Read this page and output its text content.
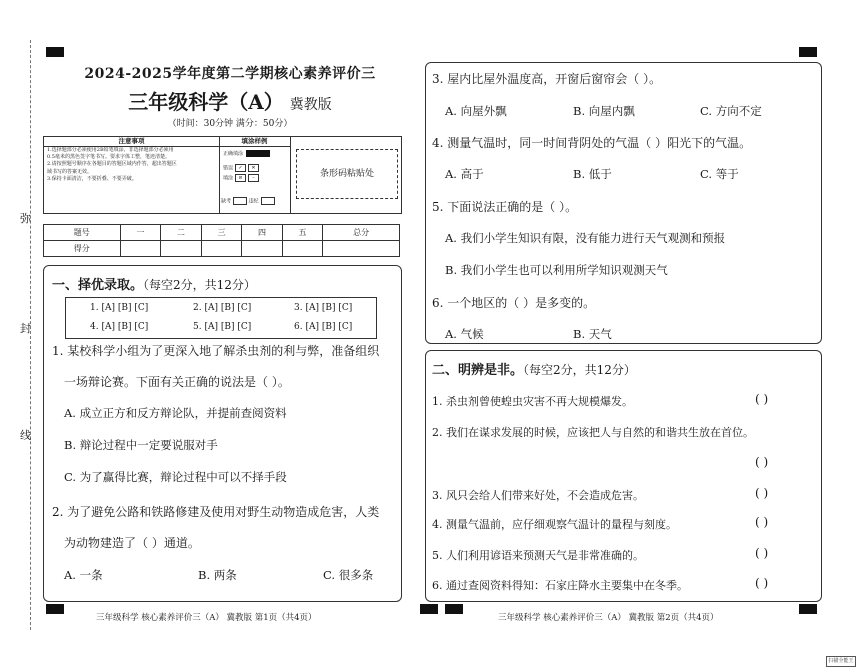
弥
封
线
2024-2025学年度第二学期核心素养评价三
三年级科学（A） 冀教版
（时间：30分钟 满分：50分）
注意事项
1.选择题部分必须使用2B铅笔填涂，非选择题部分必须用
0.5毫米的黑色签字笔书写。要求字体工整，笔迹清楚。
2.请按照题号顺序在各题目的答题区域内作答，超出答题区
域书写的答案无效。
3.保持卡面清洁，不要折叠、不要弄破。
填涂样例
正确填涂
错误 ✓ ✕
填涂 ⊘ –	条形码粘贴处
缺考	违纪
题号	一	二	三	四	五	总分
得分						
一、择优录取。（每空2分，共12分）
1. [A] [B] [C]	2. [A] [B] [C]	3. [A] [B] [C]
4. [A] [B] [C]	5. [A] [B] [C]	6. [A] [B] [C]
1. 某校科学小组为了更深入地了解杀虫剂的利与弊，准备组织
一场辩论赛。下面有关正确的说法是（ ）。
A. 成立正方和反方辩论队，并提前查阅资料
B. 辩论过程中一定要说服对手
C. 为了赢得比赛，辩论过程中可以不择手段
2. 为了避免公路和铁路修建及使用对野生动物造成危害，人类
为动物建造了（ ）通道。
A. 一条	B. 两条	C. 很多条
3. 屋内比屋外温度高，开窗后窗帘会（ ）。
A. 向屋外飘	B. 向屋内飘	C. 方向不定
4. 测量气温时，同一时间背阴处的气温（ ）阳光下的气温。
A. 高于	B. 低于	C. 等于
5. 下面说法正确的是（ ）。
A. 我们小学生知识有限，没有能力进行天气观测和预报
B. 我们小学生也可以利用所学知识观测天气
6. 一个地区的（ ）是多变的。
A. 气候	B. 天气
二、明辨是非。（每空2分，共12分）
1. 杀虫剂曾使蝗虫灾害不再大规模爆发。	( )
2. 我们在谋求发展的时候，应该把人与自然的和谐共生放在首位。
( )
3. 风只会给人们带来好处，不会造成危害。	( )
4. 测量气温前，应仔细观察气温计的量程与刻度。	( )
5. 人们利用谚语来预测天气是非常准确的。	( )
6. 通过查阅资料得知：石家庄降水主要集中在冬季。	( )
三年级科学 核心素养评价三（A） 冀教版 第1页（共4页）	三年级科学 核心素养评价三（A） 冀教版 第2页（共4页）
扫描全能王
